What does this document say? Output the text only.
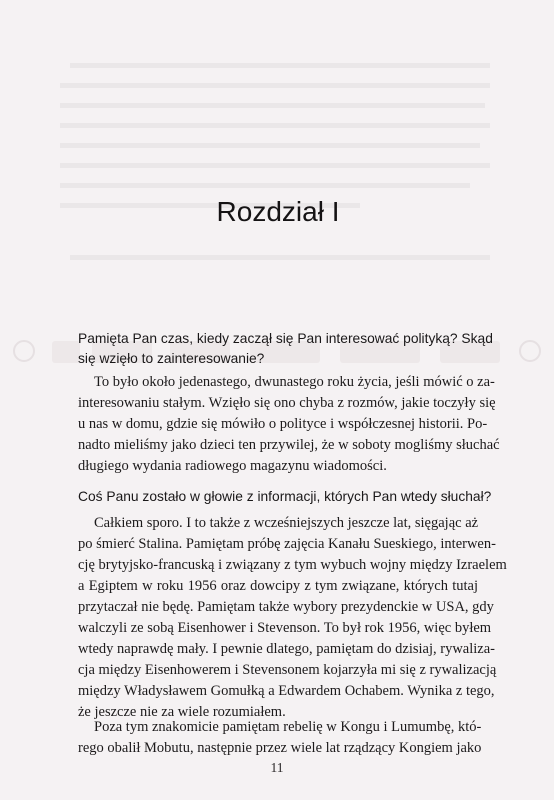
Rozdział I

Pamięta Pan czas, kiedy zaczął się Pan interesować polityką? Skąd
się wzięło to zainteresowanie?

To było około jedenastego, dwunastego roku życia, jeśli mówić o za-
interesowaniu stałym. Wzięło się ono chyba z rozmów, jakie toczyły się
u nas w domu, gdzie się mówiło o polityce i współczesnej historii. Po-
nadto mieliśmy jako dzieci ten przywilej, że w soboty mogliśmy słuchać
długiego wydania radiowego magazynu wiadomości.

Coś Panu zostało w głowie z informacji, których Pan wtedy słuchał?

Całkiem sporo. I to także z wcześniejszych jeszcze lat, sięgając aż
po śmierć Stalina. Pamiętam próbę zajęcia Kanału Sueskiego, interwen-
cję brytyjsko-francuską i związany z tym wybuch wojny między Izraelem
a Egiptem w roku 1956 oraz dowcipy z tym związane, których tutaj
przytaczał nie będę. Pamiętam także wybory prezydenckie w USA, gdy
walczyli ze sobą Eisenhower i Stevenson. To był rok 1956, więc byłem
wtedy naprawdę mały. I pewnie dlatego, pamiętam do dzisiaj, rywaliza-
cja między Eisenhowerem i Stevensonem kojarzyła mi się z rywalizacją
między Władysławem Gomułką a Edwardem Ochabem. Wynika z tego,
że jeszcze nie za wiele rozumiałem.

Poza tym znakomicie pamiętam rebelię w Kongu i Lumumbę, któ-
rego obalił Mobutu, następnie przez wiele lat rządzący Kongiem jako

11
